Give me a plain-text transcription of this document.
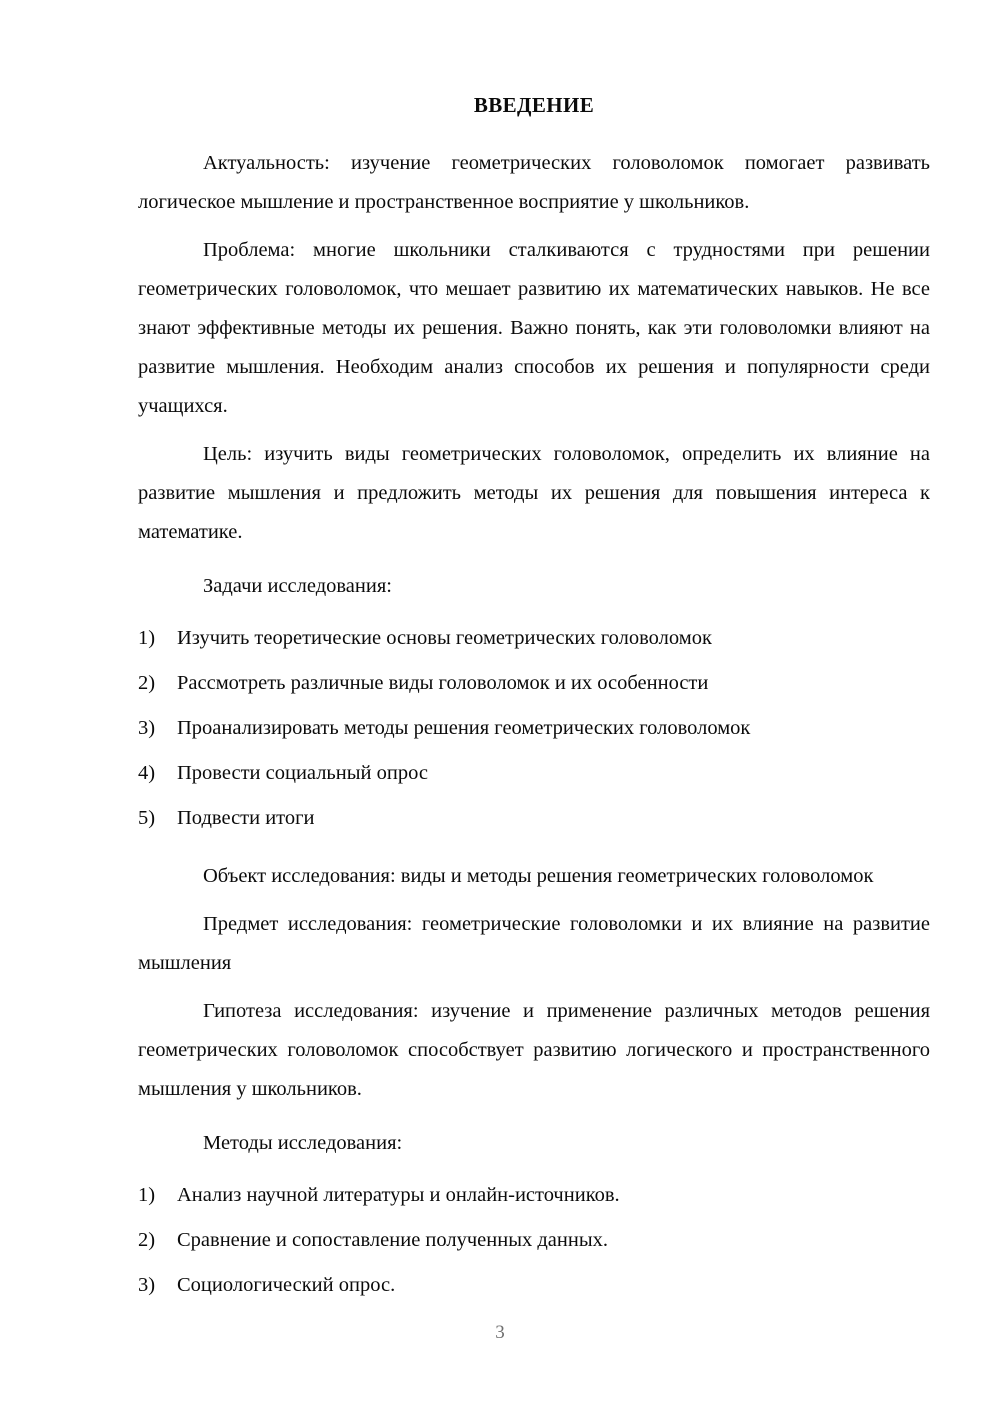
ВВЕДЕНИЕ

Актуальность: изучение геометрических головоломок помогает развивать логическое мышление и пространственное восприятие у школьников.

Проблема: многие школьники сталкиваются с трудностями при решении геометрических головоломок, что мешает развитию их математических навыков. Не все знают эффективные методы их решения. Важно понять, как эти головоломки влияют на развитие мышления. Необходим анализ способов их решения и популярности среди учащихся.

Цель: изучить виды геометрических головоломок, определить их влияние на развитие мышления и предложить методы их решения для повышения интереса к математике.

Задачи исследования:

1) Изучить теоретические основы геометрических головоломок
2) Рассмотреть различные виды головоломок и их особенности
3) Проанализировать методы решения геометрических головоломок
4) Провести социальный опрос
5) Подвести итоги

Объект исследования: виды и методы решения геометрических головоломок

Предмет исследования: геометрические головоломки и их влияние на развитие мышления

Гипотеза исследования: изучение и применение различных методов решения геометрических головоломок способствует развитию логического и пространственного мышления у школьников.

Методы исследования:

1) Анализ научной литературы и онлайн-источников.
2) Сравнение и сопоставление полученных данных.
3) Социологический опрос.
3
